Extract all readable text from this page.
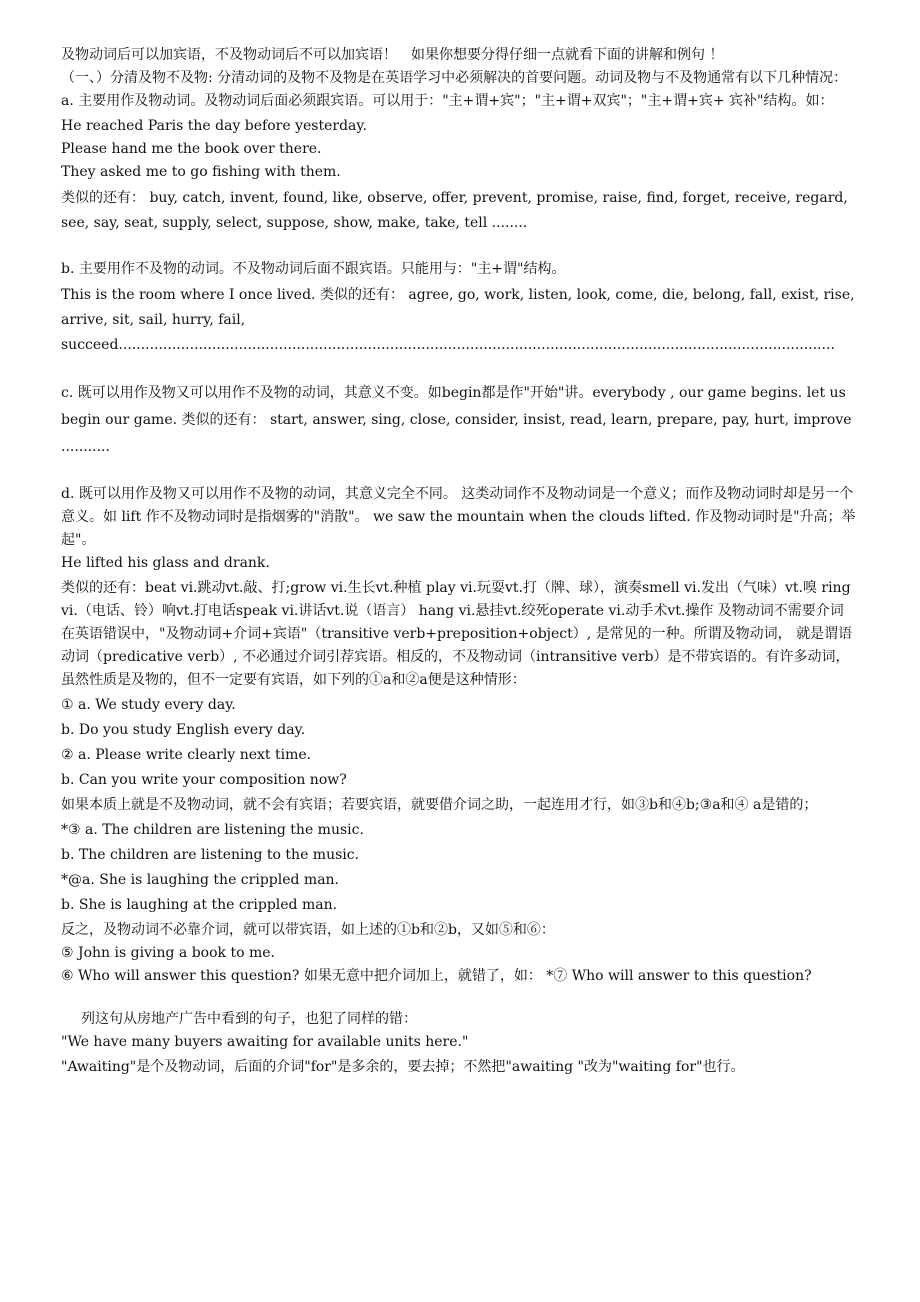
及物动词后可以加宾语，不及物动词后不可以加宾语！　如果你想要分得仔细一点就看下面的讲解和例句 ！

（一、）分清及物不及物: 分清动词的及物不及物是在英语学习中必须解决的首要问题。动词及物与不及物通常有以下几种情况：

a. 主要用作及物动词。及物动词后面必须跟宾语。可以用于："主+谓+宾"；"主+谓+双宾"；"主+谓+宾+ 宾补"结构。如：

He reached Paris the day before yesterday.

Please hand me the book over there.

They asked me to go fishing with them.

类似的还有： buy, catch, invent, found, like, observe, offer, prevent, promise, raise, find, forget, receive, regard, see, say, seat, supply, select, suppose, show, make, take, tell ........

b. 主要用作不及物的动词。不及物动词后面不跟宾语。只能用与："主+谓"结构。

This is the room where I once lived. 类似的还有： agree, go, work, listen, look, come, die, belong, fall, exist, rise, arrive, sit, sail, hurry, fail, succeed.................................................................................................................................................................

c. 既可以用作及物又可以用作不及物的动词，其意义不变。如begin都是作"开始"讲。everybody , our game begins. let us begin our game. 类似的还有： start, answer, sing, close, consider, insist, read, learn, prepare, pay, hurt, improve ...........

d. 既可以用作及物又可以用作不及物的动词，其意义完全不同。 这类动词作不及物动词是一个意义；而作及物动词时却是另一个意义。如 lift 作不及物动词时是指烟雾的"消散"。 we saw the mountain when the clouds lifted. 作及物动词时是"升高；举起"。

He lifted his glass and drank.

类似的还有：beat vi.跳动vt.敲、打;grow vi.生长vt.种植 play vi.玩耍vt.打（牌、球），演奏smell vi.发出（气味）vt.嗅 ring vi.（电话、铃）响vt.打电话speak vi.讲话vt.说（语言） hang vi.悬挂vt.绞死operate vi.动手术vt.操作 及物动词不需要介词

在英语错误中，"及物动词+介词+宾语"（transitive verb+preposition+object）, 是常见的一种。所谓及物动词， 就是谓语动词（predicative verb）, 不必通过介词引荐宾语。相反的，不及物动词（intransitive verb）是不带宾语的。有许多动词，虽然性质是及物的，但不一定要有宾语，如下列的①a和②a便是这种情形：

① a. We study every day.

b. Do you study English every day.

② a. Please write clearly next time.

b. Can you write your composition now?

如果本质上就是不及物动词，就不会有宾语；若要宾语，就要借介词之助，一起连用才行，如③b和④b;③a和④ a是错的；

*③ a. The children are listening the music.

b. The children are listening to the music.

*@a. She is laughing the crippled man.

b. She is laughing at the crippled man.

反之，及物动词不必靠介词，就可以带宾语，如上述的①b和②b，又如⑤和⑥：

⑤ John is giving a book to me.

⑥ Who will answer this question? 如果无意中把介词加上，就错了，如： *⑦ Who will answer to this question?

列这句从房地产广告中看到的句子，也犯了同样的错：

"We have many buyers awaiting for available units here."

"Awaiting"是个及物动词，后面的介词"for"是多余的，要去掉；不然把"awaiting "改为"waiting for"也行。
